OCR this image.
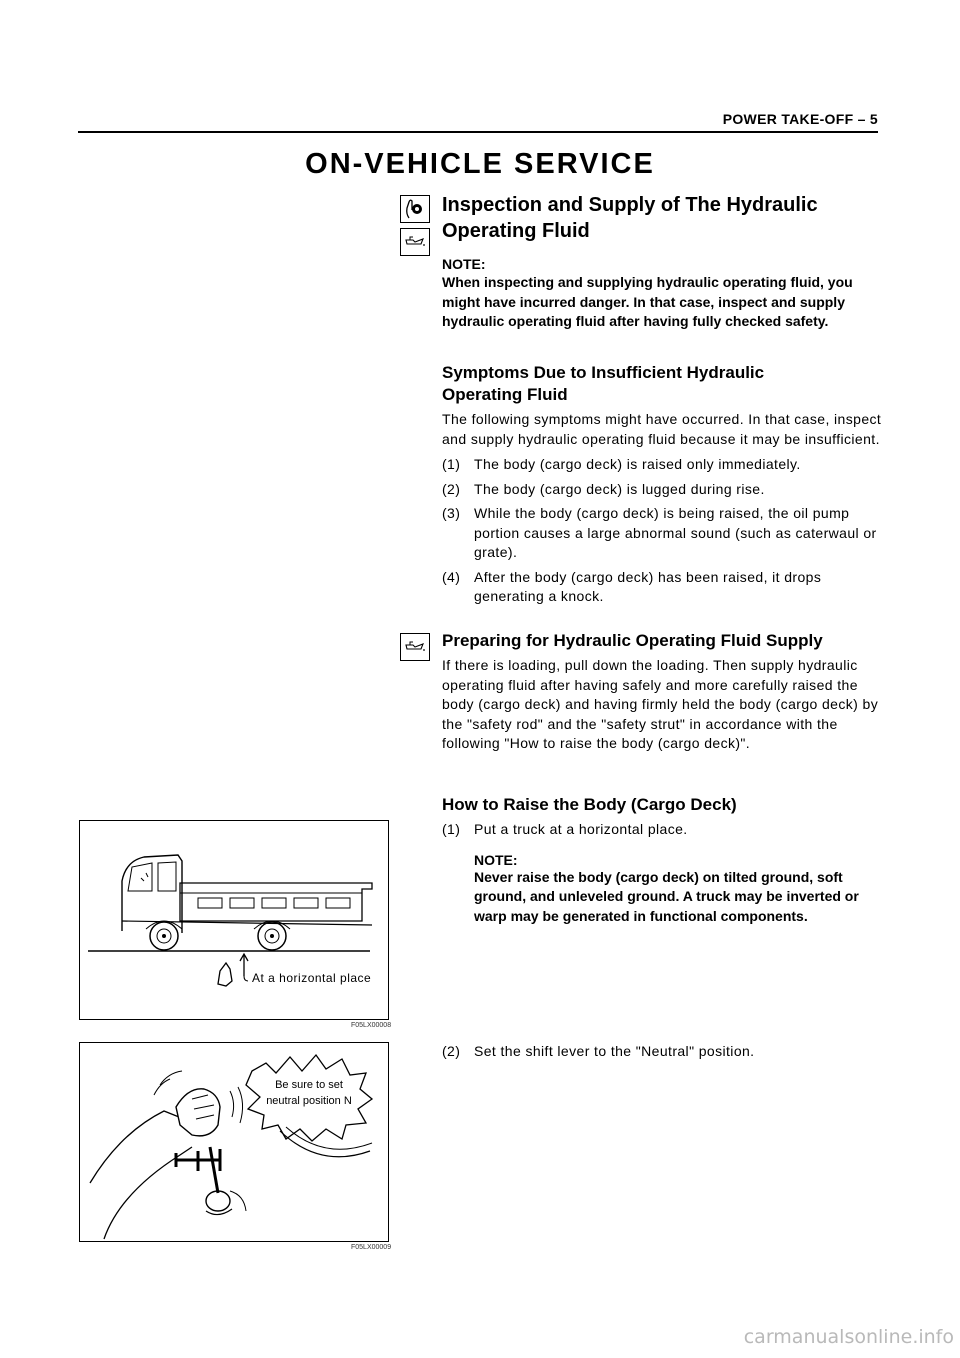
POWER TAKE-OFF – 5
ON-VEHICLE SERVICE
Inspection and Supply of The Hydraulic
Operating Fluid
NOTE:
When inspecting and supplying hydraulic operating fluid, you might have incurred danger. In that case, inspect and supply hydraulic operating fluid after having fully checked safety.
Symptoms Due to Insufficient Hydraulic
Operating Fluid
The following symptoms might have occurred. In that case, inspect and supply hydraulic operating fluid because it may be insufficient.
(1) The body (cargo deck) is raised only immediately.
(2) The body (cargo deck) is lugged during rise.
(3) While the body (cargo deck) is being raised, the oil pump portion causes a large abnormal sound (such as caterwaul or grate).
(4) After the body (cargo deck) has been raised, it drops generating a knock.
Preparing for Hydraulic Operating Fluid Supply
If there is loading, pull down the loading. Then supply hydraulic operating fluid after having safely and more carefully raised the body (cargo deck) and having firmly held the body (cargo deck) by the "safety rod" and the "safety strut" in accordance with the following "How to raise the body (cargo deck)".
How to Raise the Body (Cargo Deck)
(1) Put a truck at a horizontal place.
NOTE:
Never raise the body (cargo deck) on tilted ground, soft ground, and unleveled ground. A truck may be inverted or warp may be generated in functional components.
(2) Set the shift lever to the "Neutral" position.
At a horizontal place
F05LX00008
Be sure to set
neutral position N
F05LX00009
carmanualsonline.info
